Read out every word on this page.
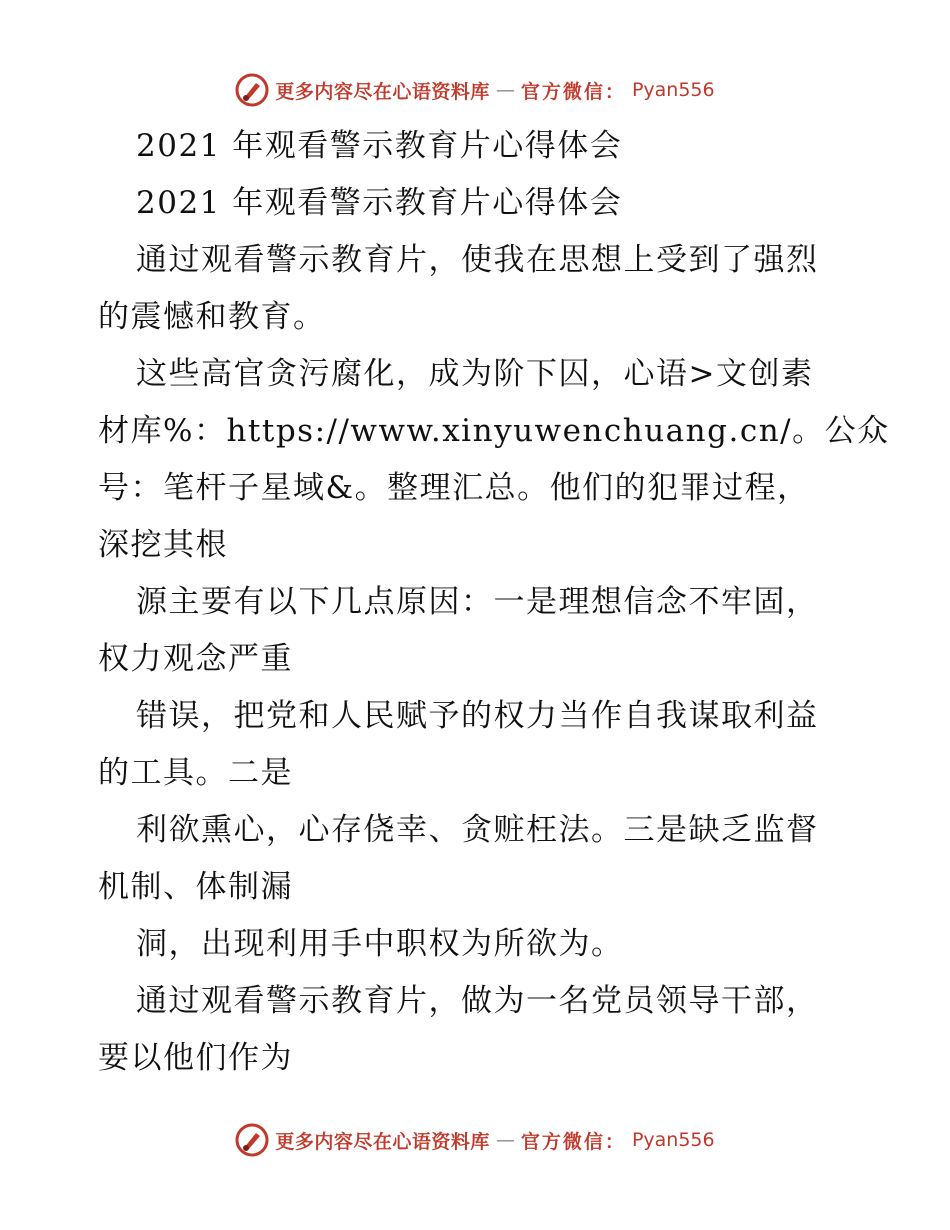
更多内容尽在心语资料库 — 官方微信： Pyan556
2021 年观看警示教育片心得体会
2021 年观看警示教育片心得体会
通过观看警示教育片，使我在思想上受到了强烈
的震憾和教育。
这些高官贪污腐化，成为阶下囚，心语>文创素
材库%：https://www.xinyuwenchuang.cn/。公众
号：笔杆子星域&。整理汇总。他们的犯罪过程，
深挖其根
源主要有以下几点原因：一是理想信念不牢固，
权力观念严重
错误，把党和人民赋予的权力当作自我谋取利益
的工具。二是
利欲熏心，心存侥幸、贪赃枉法。三是缺乏监督
机制、体制漏
洞，出现利用手中职权为所欲为。
通过观看警示教育片，做为一名党员领导干部，
要以他们作为
更多内容尽在心语资料库 — 官方微信： Pyan556
